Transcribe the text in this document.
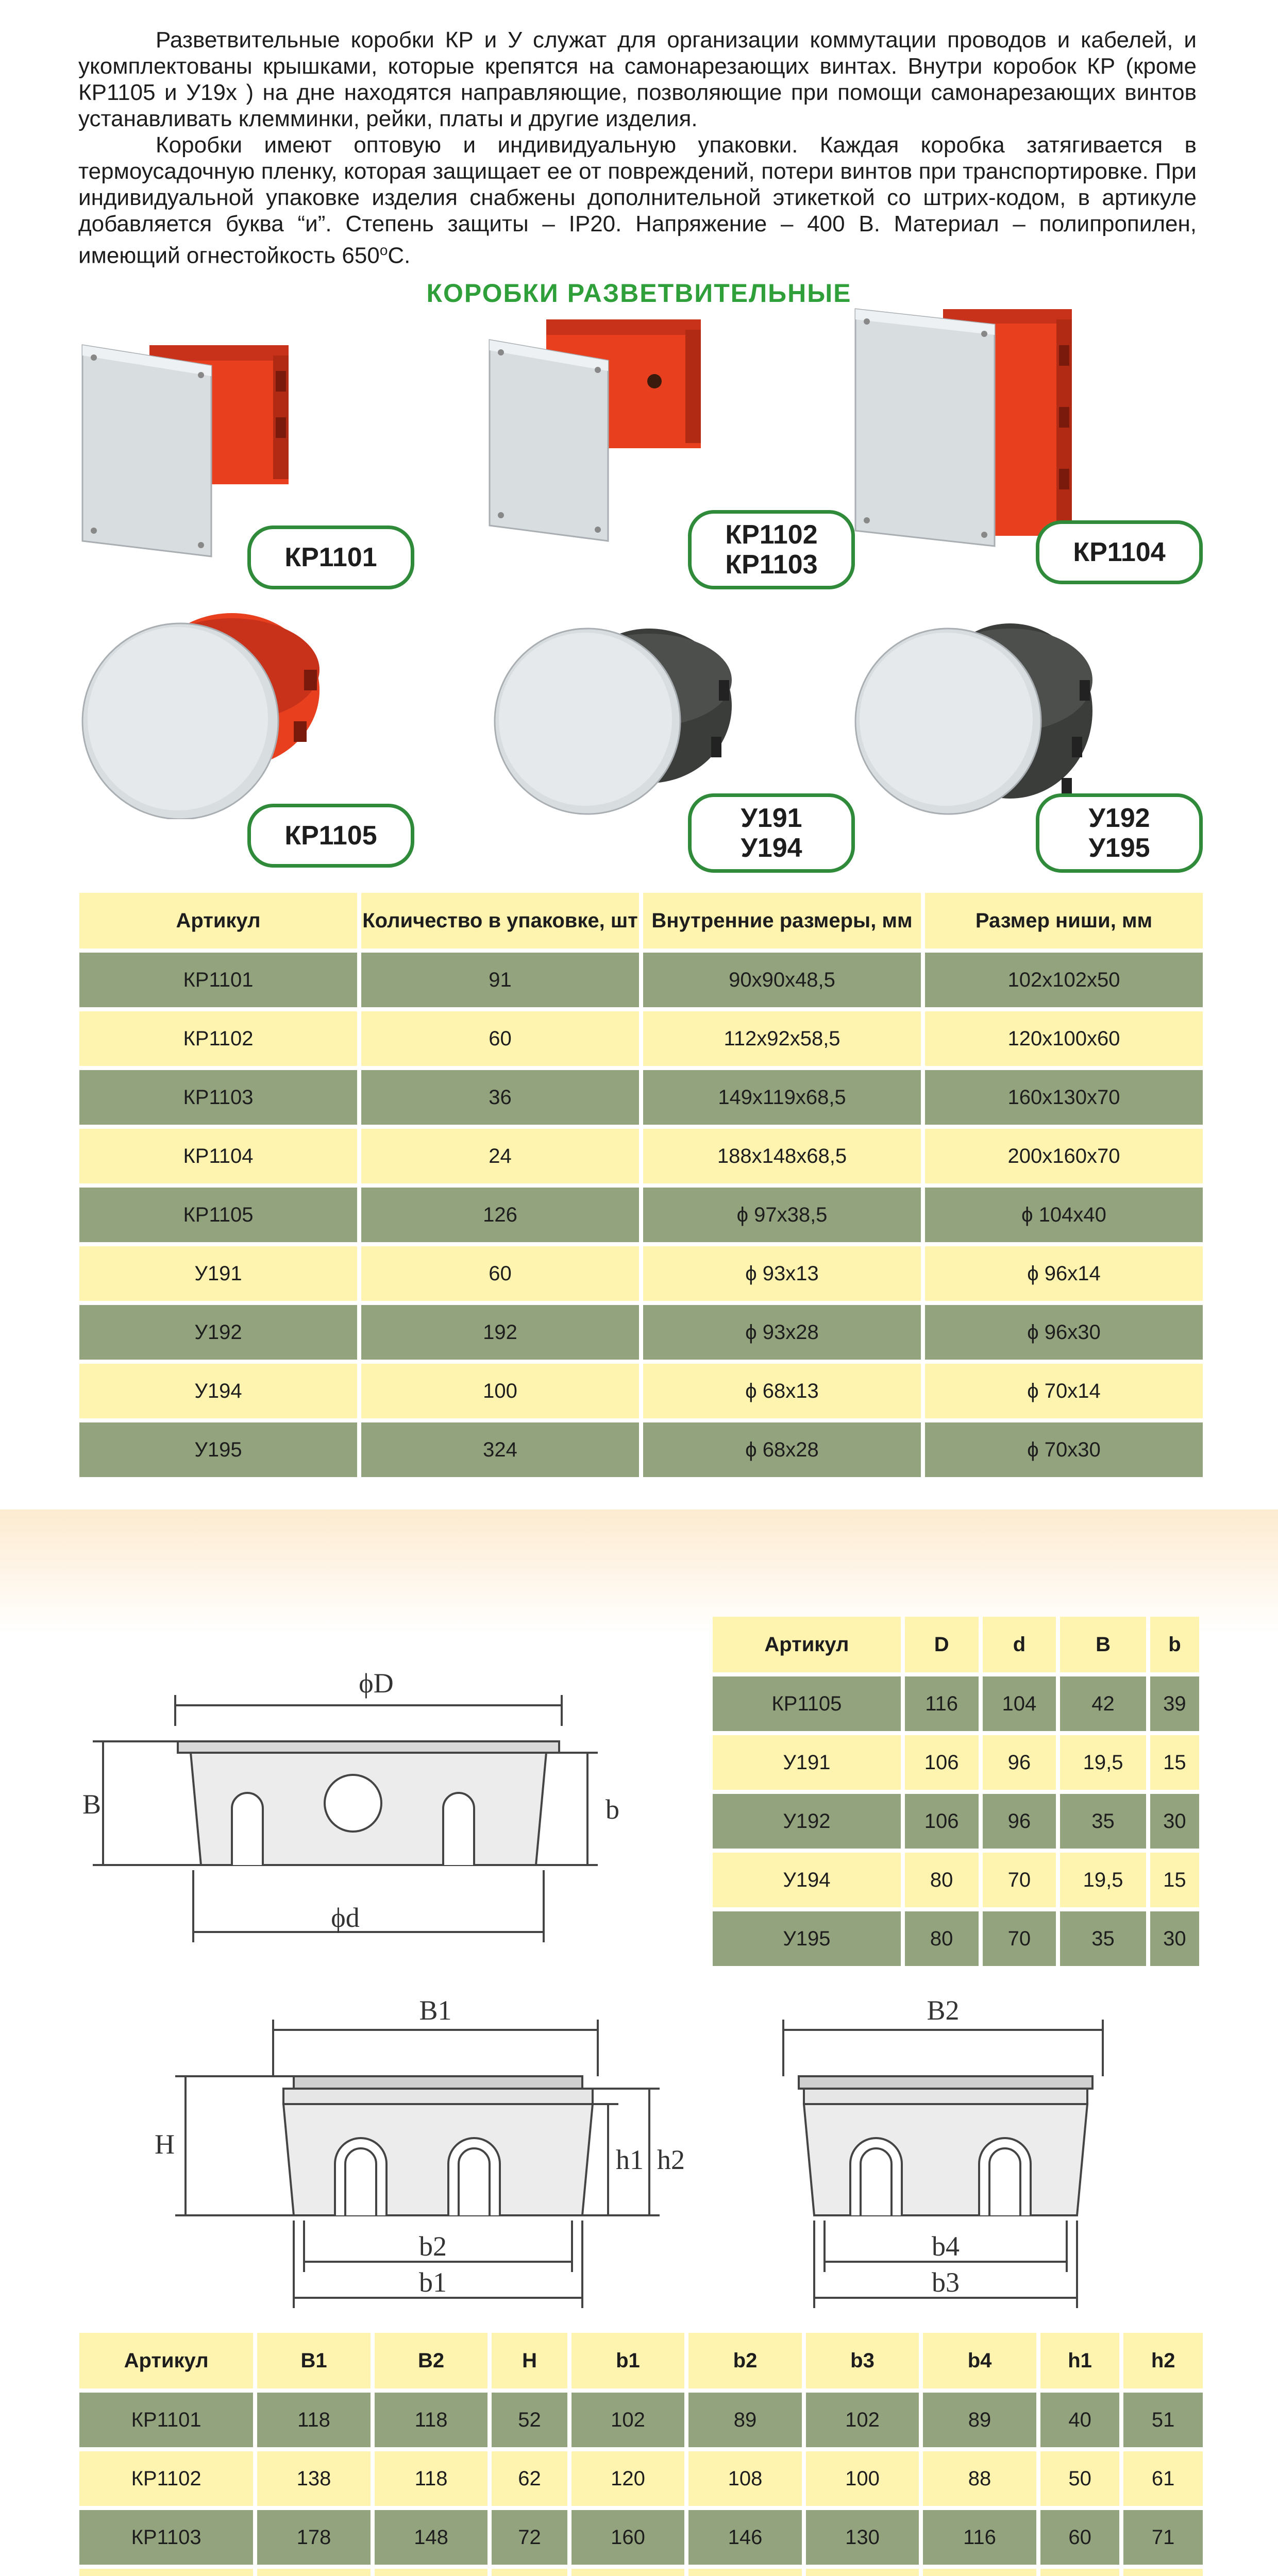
Разветвительные коробки КР и У служат для организации коммутации проводов и кабелей, и укомплектованы крышками, которые крепятся на самонарезающих винтах. Внутри коробок КР (кроме КР1105 и У19x ) на дне находятся направляющие, позволяющие при помощи самонарезающих винтов устанавливать клемминки, рейки, платы и другие изделия.

Коробки имеют оптовую и индивидуальную упаковки. Каждая коробка затягивается в термоусадочную пленку, которая защищает ее от повреждений, потери винтов при транспортировке. При индивидуальной упаковке изделия снабжены дополнительной этикеткой со штрих-кодом, в артикуле добавляется буква “и”. Степень защиты – IP20. Напряжение – 400 В. Материал – полипропилен, имеющий огнестойкость $650^оС$.

КОРОБКИ РАЗВЕТВИТЕЛЬНЫЕ
КР1101
КР1102
КР1103	КР1104
КР1105
У191
У194
У192
У195
Артикул	Количество в упаковке, шт	Внутренние размеры, мм	Размер ниши, мм
КР1101	91	90x90x48,5	102x102x50
КР1102	60	112x92x58,5	120x100x60
КР1103	36	149x119x68,5	160x130x70
КР1104	24	188x148x68,5	200x160x70
КР1105	126	ϕ 97x38,5	ϕ 104x40
У191	60	ϕ 93x13	ϕ 96x14
У192	192	ϕ 93x28	ϕ 96x30
У194	100	ϕ 68x13	ϕ 70x14
У195	324	ϕ 68x28	ϕ 70x30
ϕD
B	b
ϕd
Артикул	D	d	B	b
КР1105	116	104	42	39
У191	106	96	19,5	15
У192	106	96	35	30
У194	80	70	19,5	15
У195	80	70	35	30
B1
H	h1 h2
b2
b1
B2
b4
b3
Артикул	B1	B2	H	b1	b2	b3	b4	h1	h2
КР1101	118	118	52	102	89	102	89	40	51
КР1102	138	118	62	120	108	100	88	50	61
КР1103	178	148	72	160	146	130	116	60	71
